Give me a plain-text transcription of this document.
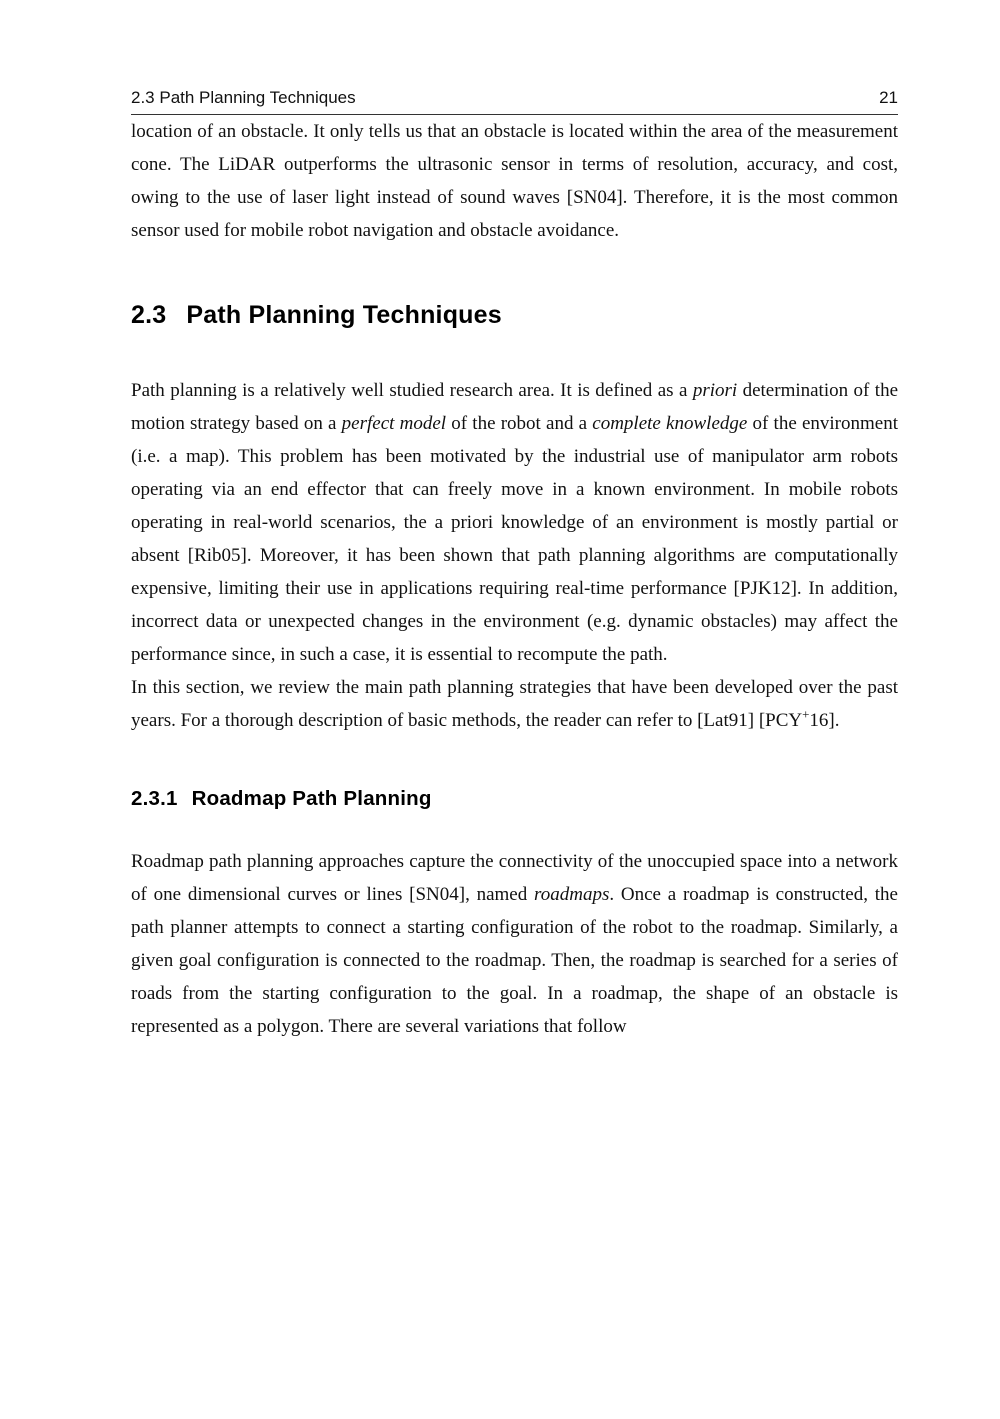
2.3 Path Planning Techniques	21

location of an obstacle. It only tells us that an obstacle is located within the area of the measurement cone. The LiDAR outperforms the ultrasonic sensor in terms of resolution, accuracy, and cost, owing to the use of laser light instead of sound waves [SN04]. Therefore, it is the most common sensor used for mobile robot navigation and obstacle avoidance.

2.3 Path Planning Techniques

Path planning is a relatively well studied research area. It is defined as a priori determination of the motion strategy based on a perfect model of the robot and a complete knowledge of the environment (i.e. a map). This problem has been motivated by the industrial use of manipulator arm robots operating via an end effector that can freely move in a known environment. In mobile robots operating in real-world scenarios, the a priori knowledge of an environment is mostly partial or absent [Rib05]. Moreover, it has been shown that path planning algorithms are computationally expensive, limiting their use in applications requiring real-time performance [PJK12]. In addition, incorrect data or unexpected changes in the environment (e.g. dynamic obstacles) may affect the performance since, in such a case, it is essential to recompute the path.

In this section, we review the main path planning strategies that have been developed over the past years. For a thorough description of basic methods, the reader can refer to [Lat91] [PCY+16].

2.3.1 Roadmap Path Planning

Roadmap path planning approaches capture the connectivity of the unoccupied space into a network of one dimensional curves or lines [SN04], named roadmaps. Once a roadmap is constructed, the path planner attempts to connect a starting configuration of the robot to the roadmap. Similarly, a given goal configuration is connected to the roadmap. Then, the roadmap is searched for a series of roads from the starting configuration to the goal. In a roadmap, the shape of an obstacle is represented as a polygon. There are several variations that follow
